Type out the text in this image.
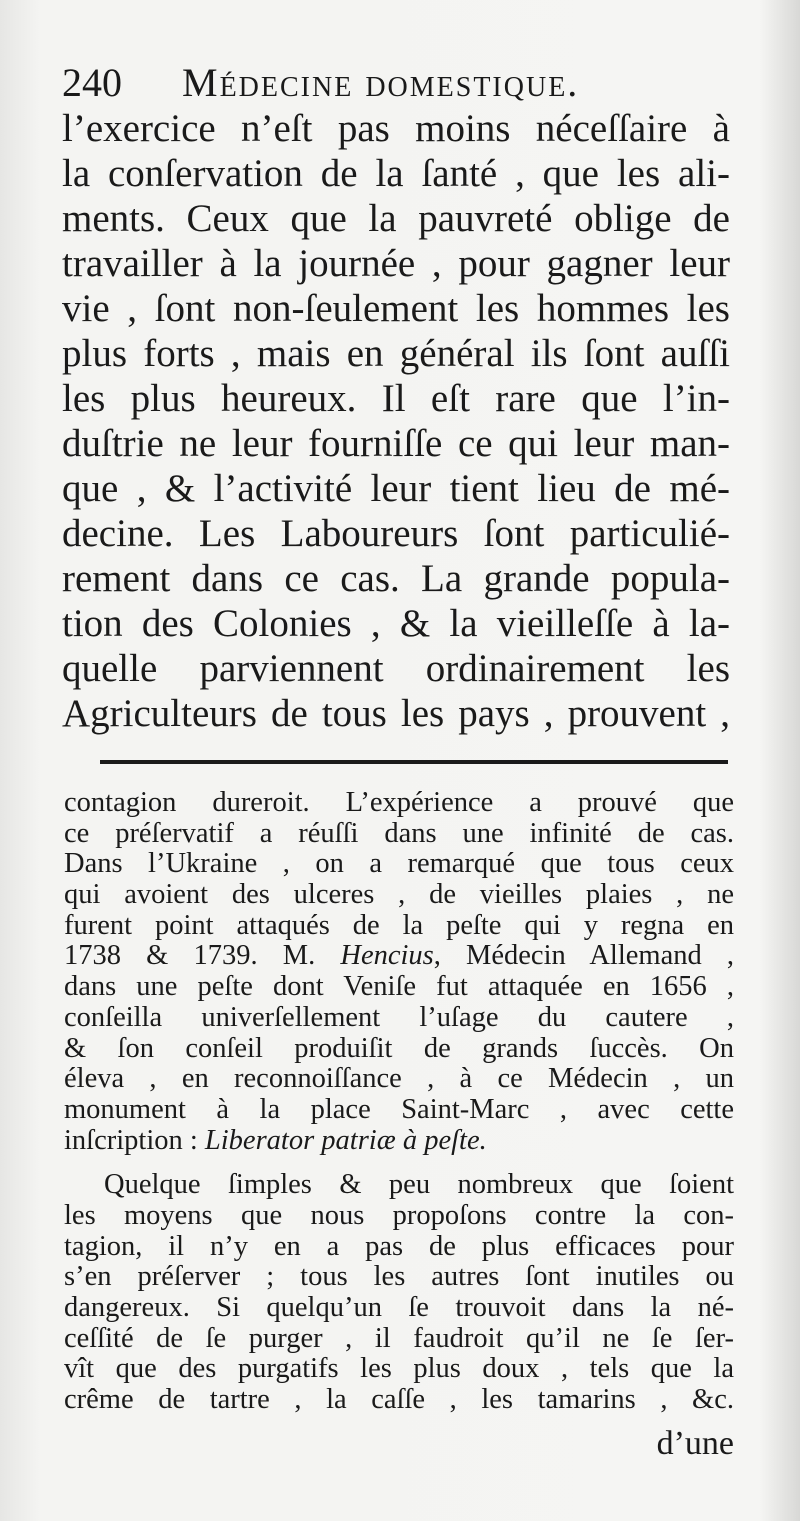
240 Médecine domestique.
l’exercice n’eſt pas moins néceſſaire à
la conſervation de la ſanté , que les ali-
ments. Ceux que la pauvreté oblige de
travailler à la journée , pour gagner leur
vie , ſont non-ſeulement les hommes les
plus forts , mais en général ils ſont auſſi
les plus heureux. Il eſt rare que l’in-
duſtrie ne leur fourniſſe ce qui leur man-
que , & l’activité leur tient lieu de mé-
decine. Les Laboureurs ſont particulié-
rement dans ce cas. La grande popula-
tion des Colonies , & la vieilleſſe à la-
quelle parviennent ordinairement les
Agriculteurs de tous les pays , prouvent ,
contagion dureroit. L’expérience a prouvé que
ce préſervatif a réuſſi dans une infinité de cas.
Dans l’Ukraine , on a remarqué que tous ceux
qui avoient des ulceres , de vieilles plaies , ne
furent point attaqués de la peſte qui y regna en
1738 & 1739. M. Hencius, Médecin Allemand ,
dans une peſte dont Veniſe fut attaquée en 1656 ,
conſeilla univerſellement l’uſage du cautere ,
& ſon conſeil produiſit de grands ſuccès. On
éleva , en reconnoiſſance , à ce Médecin , un
monument à la place Saint-Marc , avec cette
inſcription : Liberator patriæ à peſte.
Quelque ſimples & peu nombreux que ſoient
les moyens que nous propoſons contre la con-
tagion, il n’y en a pas de plus efficaces pour
s’en préſerver ; tous les autres ſont inutiles ou
dangereux. Si quelqu’un ſe trouvoit dans la né-
ceſſité de ſe purger , il faudroit qu’il ne ſe ſer-
vît que des purgatifs les plus doux , tels que la
crême de tartre , la caſſe , les tamarins , &c.
d’une
